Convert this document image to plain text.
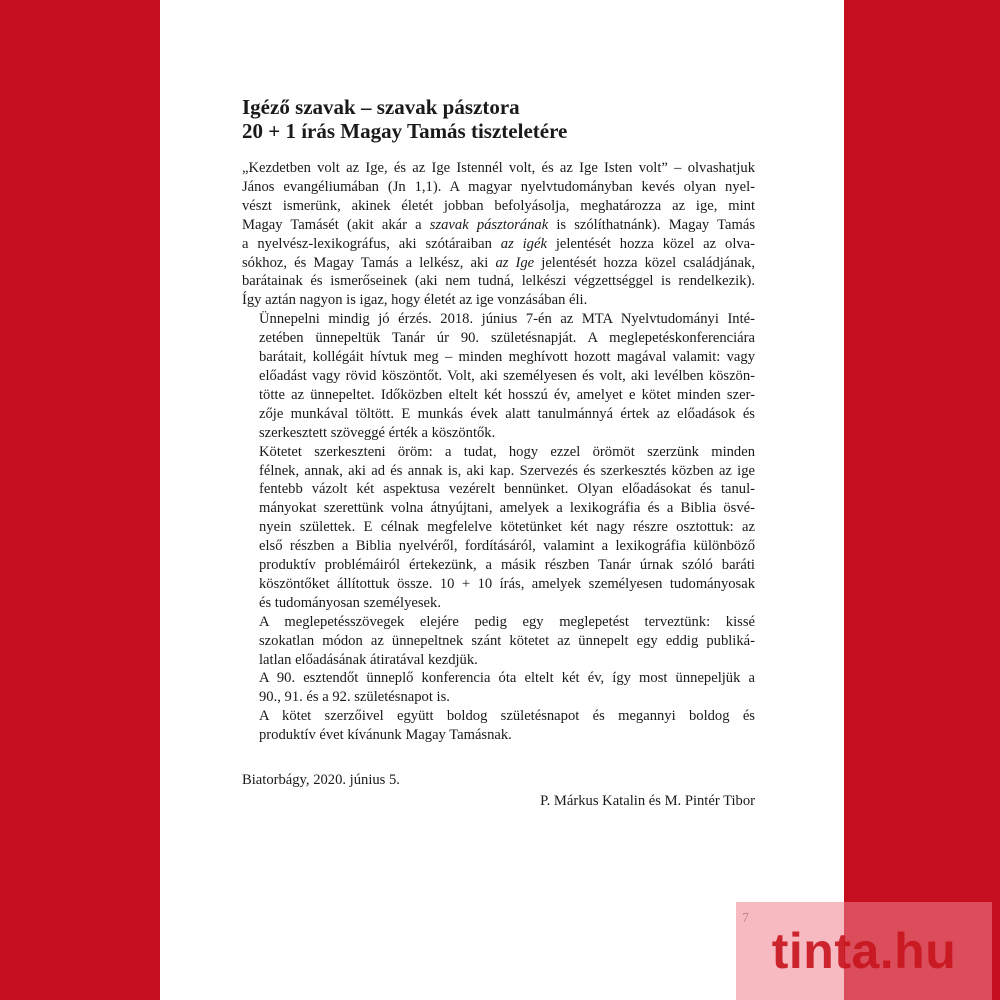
Igéző szavak – szavak pásztora
20 + 1 írás Magay Tamás tiszteletére

„Kezdetben volt az Ige, és az Ige Istennél volt, és az Ige Isten volt” – olvashatjuk
János evangéliumában (Jn 1,1). A magyar nyelvtudományban kevés olyan nyel-
vészt ismerünk, akinek életét jobban befolyásolja, meghatározza az ige, mint
Magay Tamásét (akit akár a szavak pásztorának is szólíthatnánk). Magay Tamás
a nyelvész-lexikográfus, aki szótáraiban az igék jelentését hozza közel az olva-
sókhoz, és Magay Tamás a lelkész, aki az Ige jelentését hozza közel családjának,
barátainak és ismerőseinek (aki nem tudná, lelkészi végzettséggel is rendelkezik).
Így aztán nagyon is igaz, hogy életét az ige vonzásában éli.

Ünnepelni mindig jó érzés. 2018. június 7-én az MTA Nyelvtudományi Inté-
zetében ünnepeltük Tanár úr 90. születésnapját. A meglepetéskonferenciára
barátait, kollégáit hívtuk meg – minden meghívott hozott magával valamit: vagy
előadást vagy rövid köszöntőt. Volt, aki személyesen és volt, aki levélben köszön-
tötte az ünnepeltet. Időközben eltelt két hosszú év, amelyet e kötet minden szer-
zője munkával töltött. E munkás évek alatt tanulmánnyá értek az előadások és
szerkesztett szöveggé érték a köszöntők.

Kötetet szerkeszteni öröm: a tudat, hogy ezzel örömöt szerzünk minden
félnek, annak, aki ad és annak is, aki kap. Szervezés és szerkesztés közben az ige
fentebb vázolt két aspektusa vezérelt bennünket. Olyan előadásokat és tanul-
mányokat szerettünk volna átnyújtani, amelyek a lexikográfia és a Biblia ösvé-
nyein születtek. E célnak megfelelve kötetünket két nagy részre osztottuk: az
első részben a Biblia nyelvéről, fordításáról, valamint a lexikográfia különböző
produktív problémáiról értekezünk, a másik részben Tanár úrnak szóló baráti
köszöntőket állítottuk össze. 10 + 10 írás, amelyek személyesen tudományosak
és tudományosan személyesek.

A meglepetésszövegek elejére pedig egy meglepetést terveztünk: kissé
szokatlan módon az ünnepeltnek szánt kötetet az ünnepelt egy eddig publiká-
latlan előadásának átiratával kezdjük.

A 90. esztendőt ünneplő konferencia óta eltelt két év, így most ünnepeljük a
90., 91. és a 92. születésnapot is.

A kötet szerzőivel együtt boldog születésnapot és megannyi boldog és
produktív évet kívánunk Magay Tamásnak.

Biatorbágy, 2020. június 5.
P. Márkus Katalin és M. Pintér Tibor
tinta.hu
